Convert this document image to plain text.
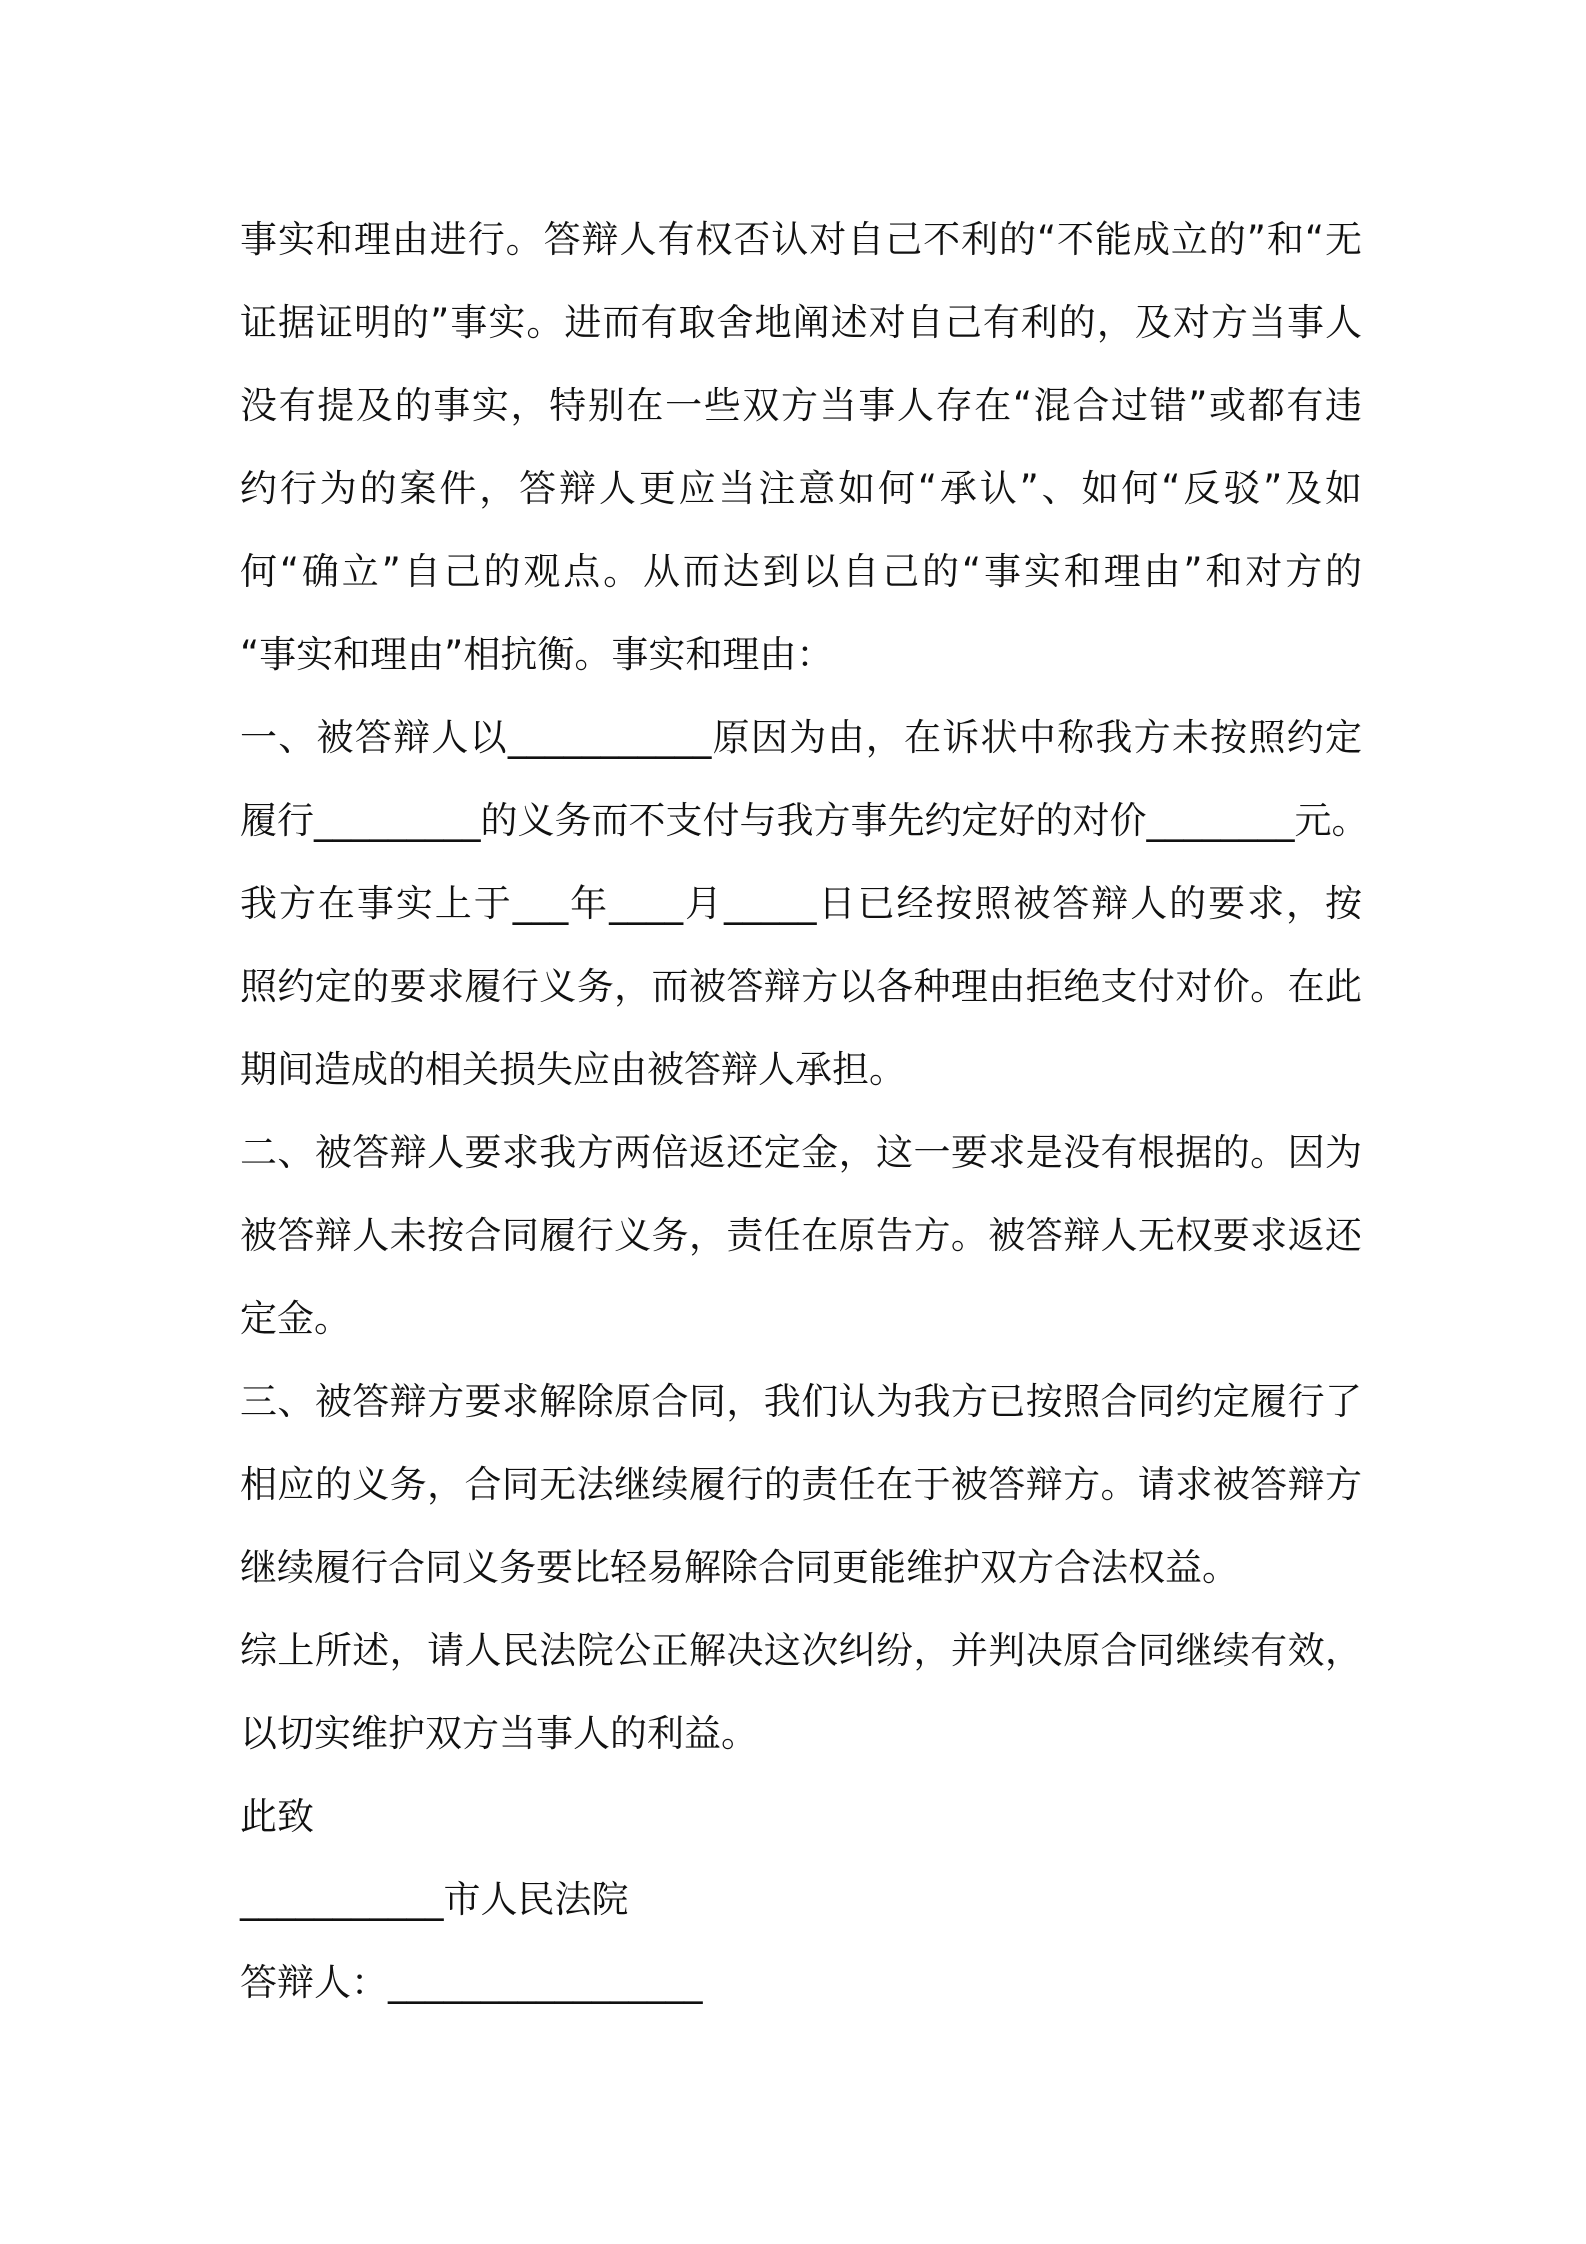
事实和理由进行。答辩人有权否认对自己不利的“不能成立的”和“无

证据证明的”事实。进而有取舍地阐述对自己有利的，及对方当事人

没有提及的事实，特别在一些双方当事人存在“混合过错”或都有违

约行为的案件，答辩人更应当注意如何“承认”、如何“反驳”及如

何“确立”自己的观点。从而达到以自己的“事实和理由”和对方的

“事实和理由”相抗衡。事实和理由：

一、被答辩人以___________原因为由，在诉状中称我方未按照约定

履行_________的义务而不支付与我方事先约定好的对价________元。

我方在事实上于___年____月_____日已经按照被答辩人的要求，按

照约定的要求履行义务，而被答辩方以各种理由拒绝支付对价。在此

期间造成的相关损失应由被答辩人承担。

二、被答辩人要求我方两倍返还定金，这一要求是没有根据的。因为

被答辩人未按合同履行义务，责任在原告方。被答辩人无权要求返还

定金。

三、被答辩方要求解除原合同，我们认为我方已按照合同约定履行了

相应的义务，合同无法继续履行的责任在于被答辩方。请求被答辩方

继续履行合同义务要比轻易解除合同更能维护双方合法权益。

综上所述，请人民法院公正解决这次纠纷，并判决原合同继续有效，

以切实维护双方当事人的利益。

此致

___________市人民法院

答辩人：_________________
